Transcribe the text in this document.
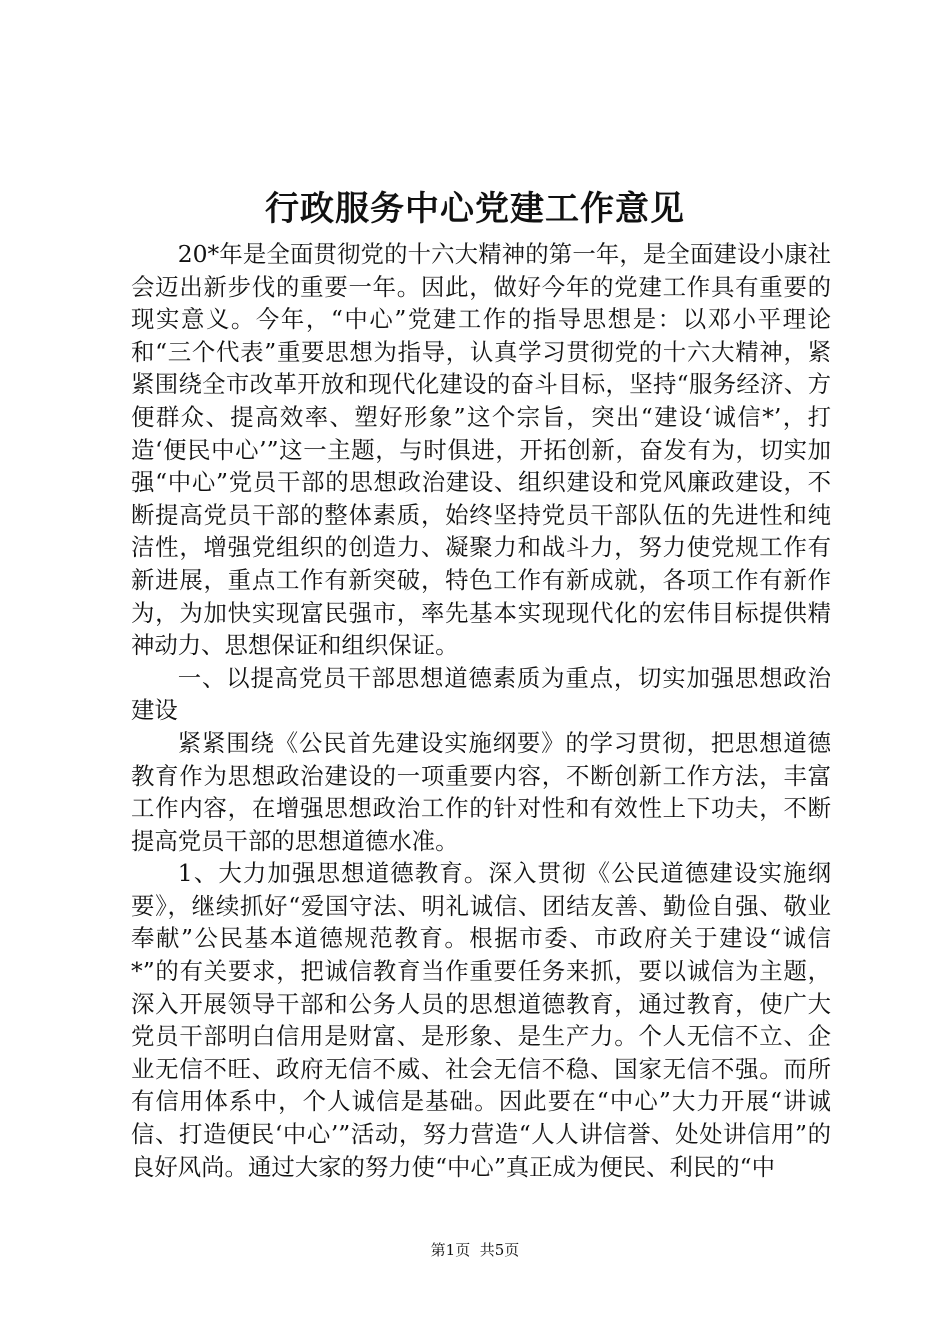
行政服务中心党建工作意见

20*年是全面贯彻党的十六大精神的第一年，是全面建设小康社会迈出新步伐的重要一年。因此，做好今年的党建工作具有重要的现实意义。今年，“中心”党建工作的指导思想是：以邓小平理论和“三个代表”重要思想为指导，认真学习贯彻党的十六大精神，紧紧围绕全市改革开放和现代化建设的奋斗目标，坚持“服务经济、方便群众、提高效率、塑好形象”这个宗旨，突出“建设‘诚信*’，打造‘便民中心’”这一主题，与时俱进，开拓创新，奋发有为，切实加强“中心”党员干部的思想政治建设、组织建设和党风廉政建设，不断提高党员干部的整体素质，始终坚持党员干部队伍的先进性和纯洁性，增强党组织的创造力、凝聚力和战斗力，努力使党规工作有新进展，重点工作有新突破，特色工作有新成就，各项工作有新作为，为加快实现富民强市，率先基本实现现代化的宏伟目标提供精神动力、思想保证和组织保证。

一、以提高党员干部思想道德素质为重点，切实加强思想政治建设

紧紧围绕《公民首先建设实施纲要》的学习贯彻，把思想道德教育作为思想政治建设的一项重要内容，不断创新工作方法，丰富工作内容，在增强思想政治工作的针对性和有效性上下功夫，不断提高党员干部的思想道德水准。

1、大力加强思想道德教育。深入贯彻《公民道德建设实施纲要》，继续抓好“爱国守法、明礼诚信、团结友善、勤俭自强、敬业奉献”公民基本道德规范教育。根据市委、市政府关于建设“诚信*”的有关要求，把诚信教育当作重要任务来抓，要以诚信为主题，深入开展领导干部和公务人员的思想道德教育，通过教育，使广大党员干部明白信用是财富、是形象、是生产力。个人无信不立、企业无信不旺、政府无信不威、社会无信不稳、国家无信不强。而所有信用体系中，个人诚信是基础。因此要在“中心”大力开展“讲诚信、打造便民‘中心’”活动，努力营造“人人讲信誉、处处讲信用”的良好风尚。通过大家的努力使“中心”真正成为便民、利民的“中

第1页 共5页
